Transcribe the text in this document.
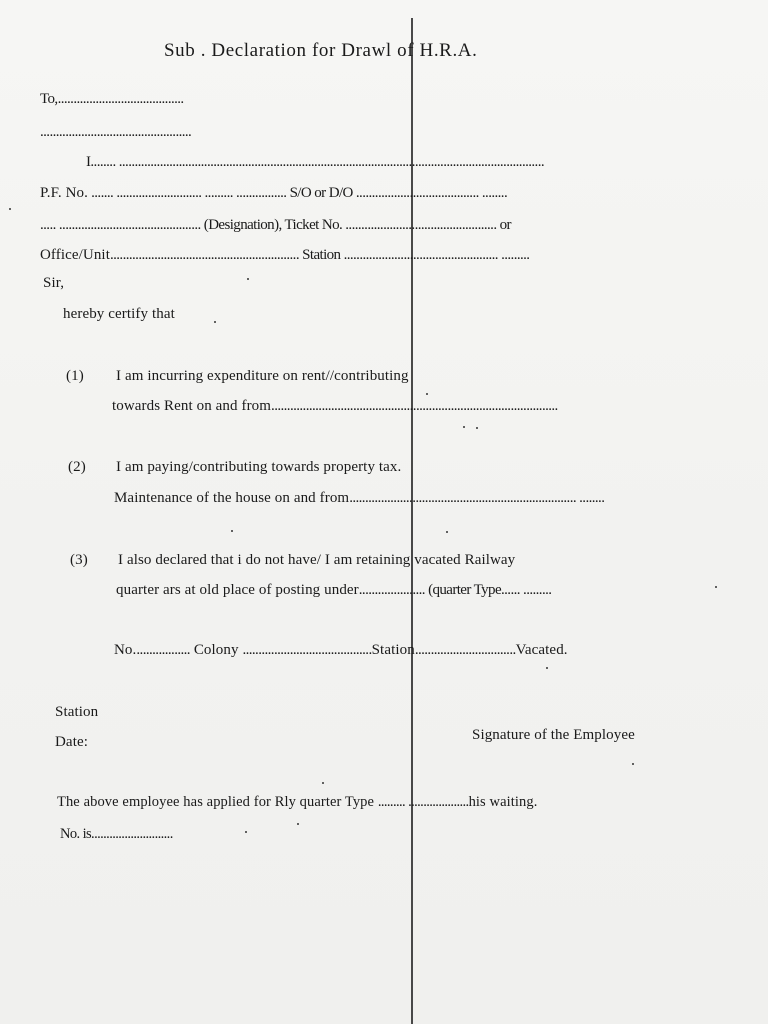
Sub . Declaration for Drawl of H.R.A.
To,........................................
................................................
I........ .......................................................................................................................................
P.F. No. ....... ........................... ......... ................ S/O or D/O ....................................... ........
..... ............................................. (Designation), Ticket No. ................................................ or
Office/Unit............................................................ Station ................................................. .........
Sir,
hereby certify that
(1) I am incurring expenditure on rent//contributing
towards Rent on and from...........................................................................................
(2) I am paying/contributing towards property tax.
Maintenance of the house on and from........................................................................ ........
(3) I also declared that i do not have/ I am retaining vacated Railway
quarter ars at old place of posting under..................... (quarter Type...... .........
No.................. Colony .........................................Station................................Vacated.
Station
Date:	Signature of the Employee
The above employee has applied for Rly quarter Type ......... ....................his waiting.
No. is...........................
